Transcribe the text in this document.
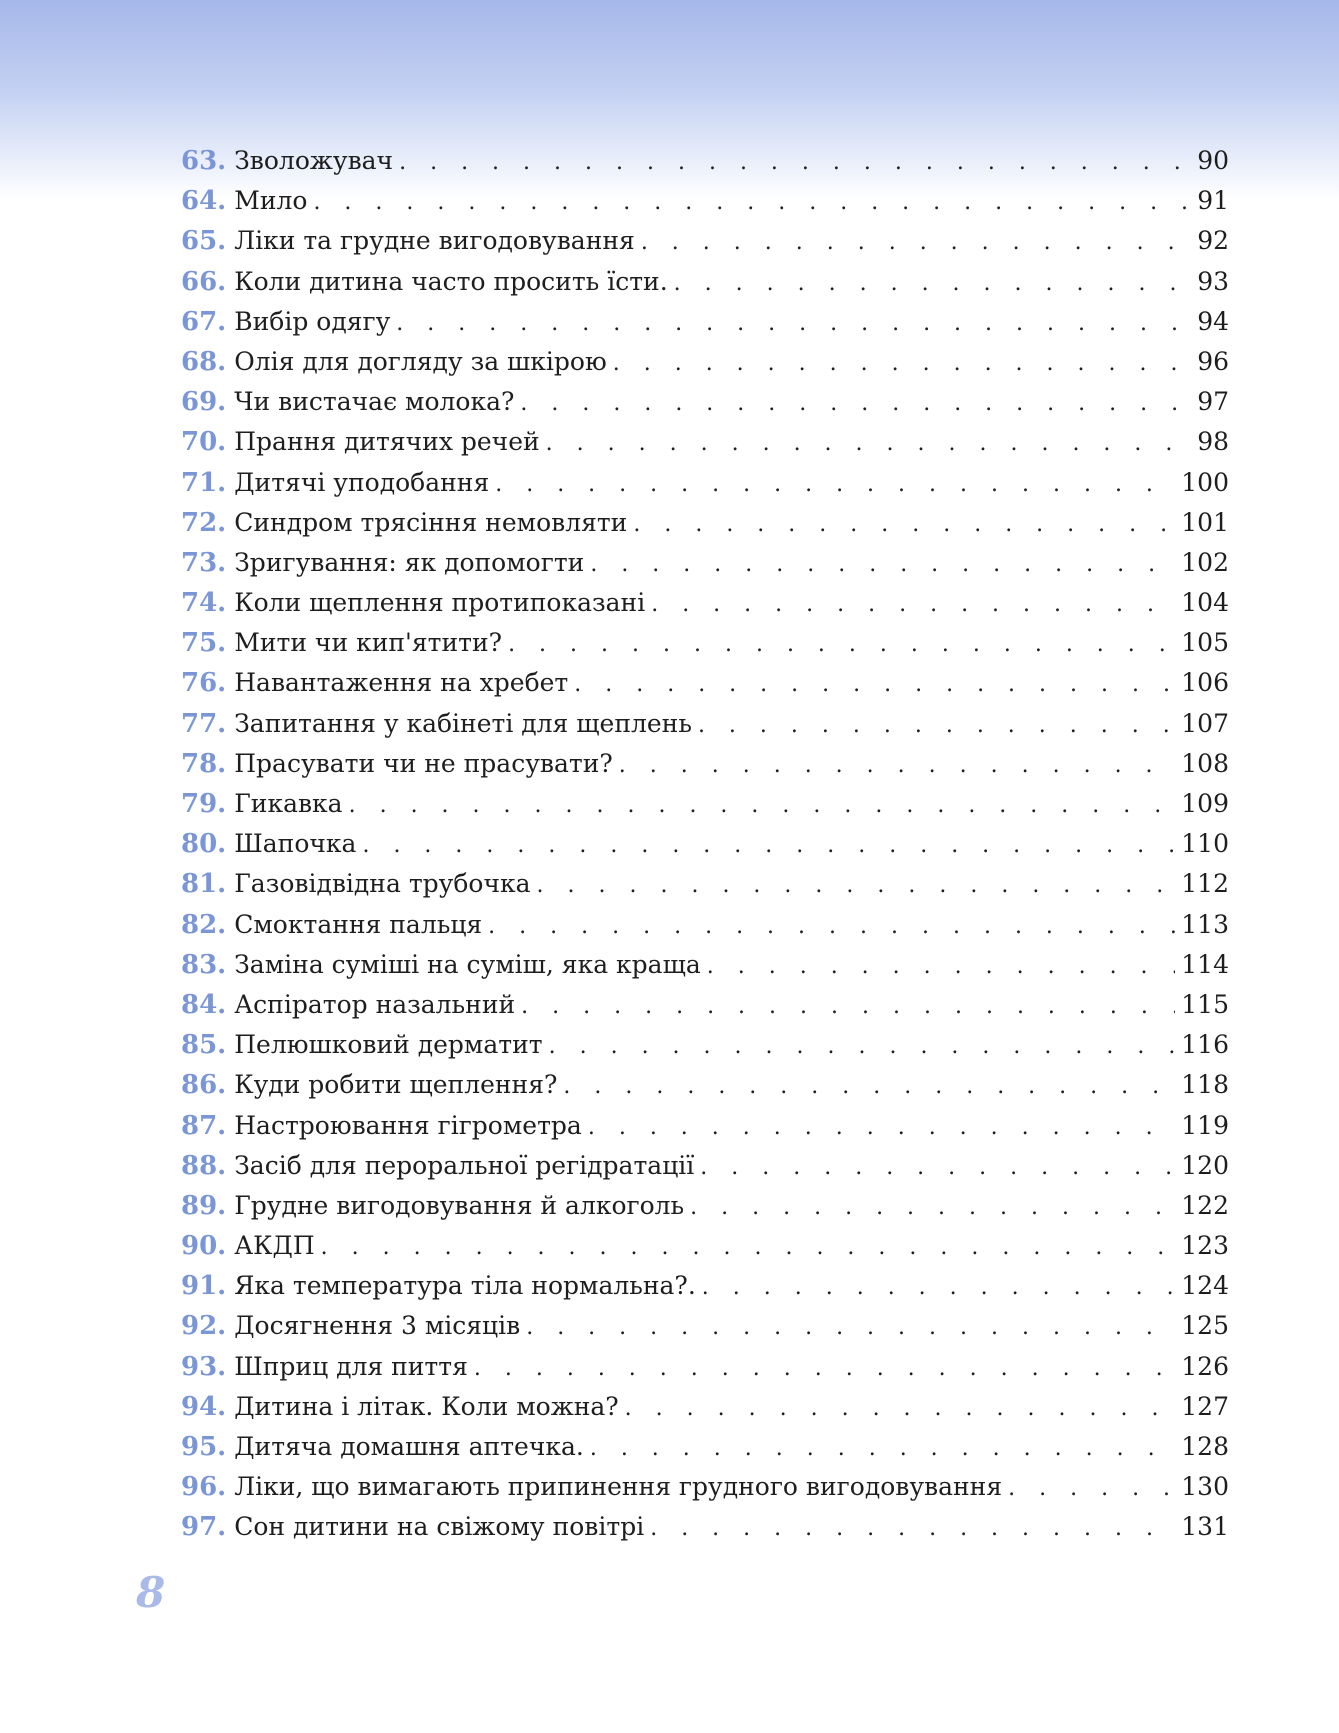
63. Зволожувач . . .	90
64. Мило . . .	91
65. Ліки та грудне вигодовування . . .	92
66. Коли дитина часто просить їсти. . . .	93
67. Вибір одягу . . .	94
68. Олія для догляду за шкірою . . .	96
69. Чи вистачає молока? . . .	97
70. Прання дитячих речей . . .	98
71. Дитячі уподобання . . .	100
72. Синдром трясіння немовляти . . .	101
73. Зригування: як допомогти . . .	102
74. Коли щеплення протипоказані . . .	104
75. Мити чи кип'ятити? . . .	105
76. Навантаження на хребет . . .	106
77. Запитання у кабінеті для щеплень . . .	107
78. Прасувати чи не прасувати? . . .	108
79. Гикавка . . .	109
80. Шапочка . . .	110
81. Газовідвідна трубочка . . .	112
82. Смоктання пальця . . .	113
83. Заміна суміші на суміш, яка краща . . .	114
84. Аспіратор назальний . . .	115
85. Пелюшковий дерматит . . .	116
86. Куди робити щеплення? . . .	118
87. Настроювання гігрометра . . .	119
88. Засіб для пероральної регідратації . . .	120
89. Грудне вигодовування й алкоголь . . .	122
90. АКДП . . .	123
91. Яка температура тіла нормальна?. . . .	124
92. Досягнення 3 місяців . . .	125
93. Шприц для пиття . . .	126
94. Дитина і літак. Коли можна? . . .	127
95. Дитяча домашня аптечка. . . .	128
96. Ліки, що вимагають припинення грудного вигодовування . . .	130
97. Сон дитини на свіжому повітрі . . .	131
8
